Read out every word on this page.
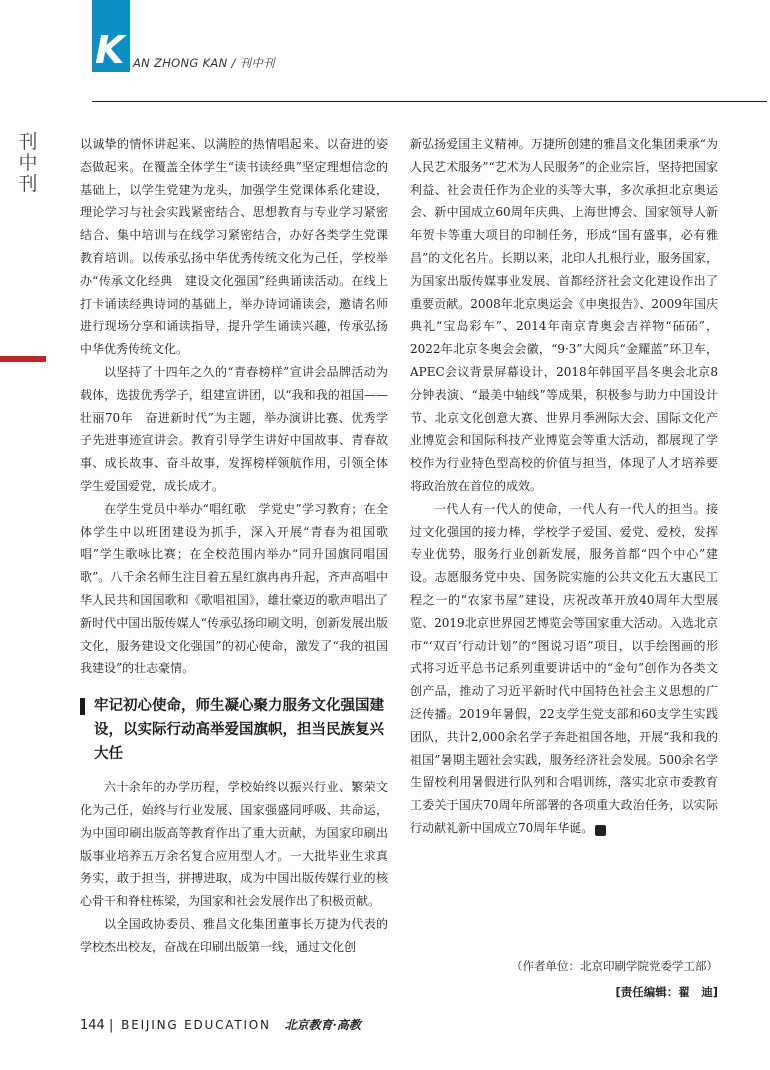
K AN ZHONG KAN / 刊中刊
刊
中
刊

以诚挚的情怀讲起来、以满腔的热情唱起来、以奋进的姿态做起来。在覆盖全体学生“读书读经典”坚定理想信念的基础上，以学生党建为龙头，加强学生党课体系化建设，理论学习与社会实践紧密结合、思想教育与专业学习紧密结合、集中培训与在线学习紧密结合，办好各类学生党课教育培训。以传承弘扬中华优秀传统文化为己任，学校举办“传承文化经典　建设文化强国”经典诵读活动。在线上打卡诵读经典诗词的基础上，举办诗词诵读会，邀请名师进行现场分享和诵读指导，提升学生诵读兴趣，传承弘扬中华优秀传统文化。

以坚持了十四年之久的“青春榜样”宣讲会品牌活动为载体，选拔优秀学子，组建宣讲团，以“我和我的祖国——壮丽70年　奋进新时代”为主题，举办演讲比赛、优秀学子先进事迹宣讲会。教育引导学生讲好中国故事、青春故事、成长故事、奋斗故事，发挥榜样领航作用，引领全体学生爱国爱党，成长成才。

在学生党员中举办“唱红歌　学党史”学习教育；在全体学生中以班团建设为抓手，深入开展“青春为祖国歌唱”学生歌咏比赛；在全校范围内举办“同升国旗同唱国歌”。八千余名师生注目着五星红旗冉冉升起，齐声高唱中华人民共和国国歌和《歌唱祖国》，雄壮豪迈的歌声唱出了新时代中国出版传媒人“传承弘扬印刷文明，创新发展出版文化，服务建设文化强国”的初心使命，激发了“我的祖国我建设”的壮志豪情。

牢记初心使命，师生凝心聚力服务文化强国建设，以实际行动高举爱国旗帜，担当民族复兴大任

六十余年的办学历程，学校始终以振兴行业、繁荣文化为己任，始终与行业发展、国家强盛同呼吸、共命运，为中国印刷出版高等教育作出了重大贡献，为国家印刷出版事业培养五万余名复合应用型人才。一大批毕业生求真务实，敢于担当，拼搏进取，成为中国出版传媒行业的核心骨干和脊柱栋梁，为国家和社会发展作出了积极贡献。

以全国政协委员、雅昌文化集团董事长万捷为代表的学校杰出校友，奋战在印刷出版第一线，通过文化创

新弘扬爱国主义精神。万捷所创建的雅昌文化集团秉承“为人民艺术服务”“艺术为人民服务”的企业宗旨，坚持把国家利益、社会责任作为企业的头等大事，多次承担北京奥运会、新中国成立60周年庆典、上海世博会、国家领导人新年贺卡等重大项目的印制任务，形成“国有盛事，必有雅昌”的文化名片。长期以来，北印人扎根行业，服务国家，为国家出版传媒事业发展、首都经济社会文化建设作出了重要贡献。2008年北京奥运会《申奥报告》、2009年国庆典礼“宝岛彩车”、2014年南京青奥会吉祥物“砳砳”，2022年北京冬奥会会徽，“9·3”大阅兵“金耀蓝”环卫车，APEC会议背景屏幕设计，2018年韩国平昌冬奥会北京8分钟表演、“最美中轴线”等成果，积极参与助力中国设计节、北京文化创意大赛、世界月季洲际大会、国际文化产业博览会和国际科技产业博览会等重大活动，都展现了学校作为行业特色型高校的价值与担当，体现了人才培养要将政治放在首位的成效。

一代人有一代人的使命，一代人有一代人的担当。接过文化强国的接力棒，学校学子爱国、爱党、爱校，发挥专业优势，服务行业创新发展，服务首都“四个中心”建设。志愿服务党中央、国务院实施的公共文化五大惠民工程之一的“农家书屋”建设，庆祝改革开放40周年大型展览、2019北京世界园艺博览会等国家重大活动。入选北京市“‘双百’行动计划”的“图说习语”项目，以手绘图画的形式将习近平总书记系列重要讲话中的“金句”创作为各类文创产品，推动了习近平新时代中国特色社会主义思想的广泛传播。2019年暑假，22支学生党支部和60支学生实践团队，共计2,000余名学子奔赴祖国各地，开展“我和我的祖国”暑期主题社会实践，服务经济社会发展。500余名学生留校利用暑假进行队列和合唱训练，落实北京市委教育工委关于国庆70周年所部署的各项重大政治任务，以实际行动献礼新中国成立70周年华诞。	中

（作者单位：北京印刷学院党委学工部）
[责任编辑：翟　迪]
144 | BEIJING EDUCATION 北京教育·高教
